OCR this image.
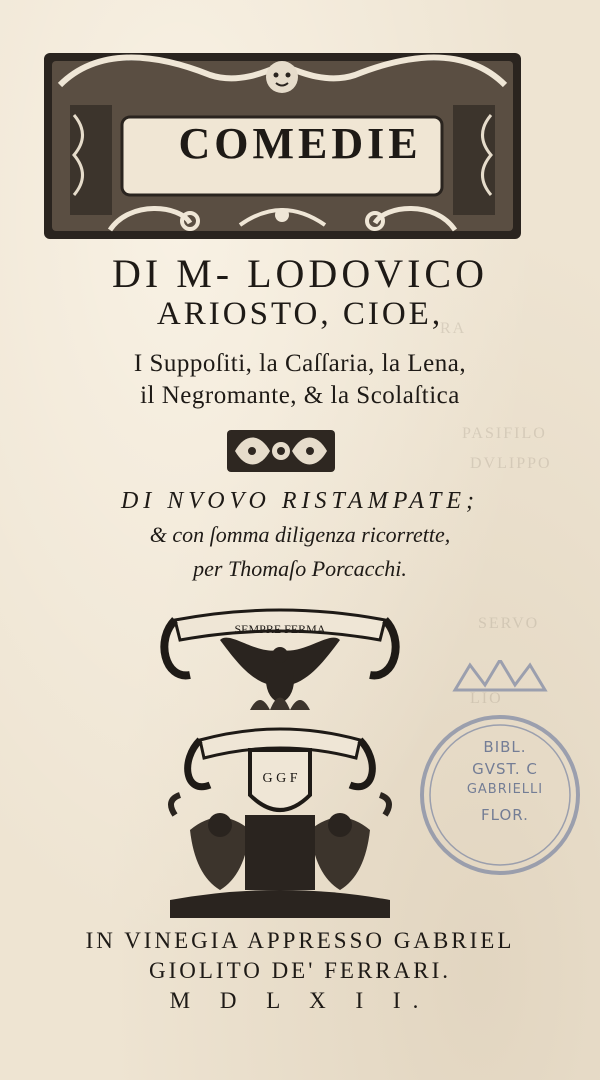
RA
PASIFILO
DVLIPPO
SERVO
LIO
COMEDIE
DI M- LODOVICO
ARIOSTO, CIOE,
I Suppoſiti, la Caſſaria, la Lena,
il Negromante, & la Scolaſtica
DI NVOVO RISTAMPATE;
& con ſomma diligenza ricorrette,
per Thomaſo Porcacchi.
SEMPRE FERMA
G G F
IN VINEGIA APPRESSO GABRIEL
GIOLITO DE' FERRARI.
M D L X I I.
BIBL.
GVST. C
GABRIELLI
FLOR.
